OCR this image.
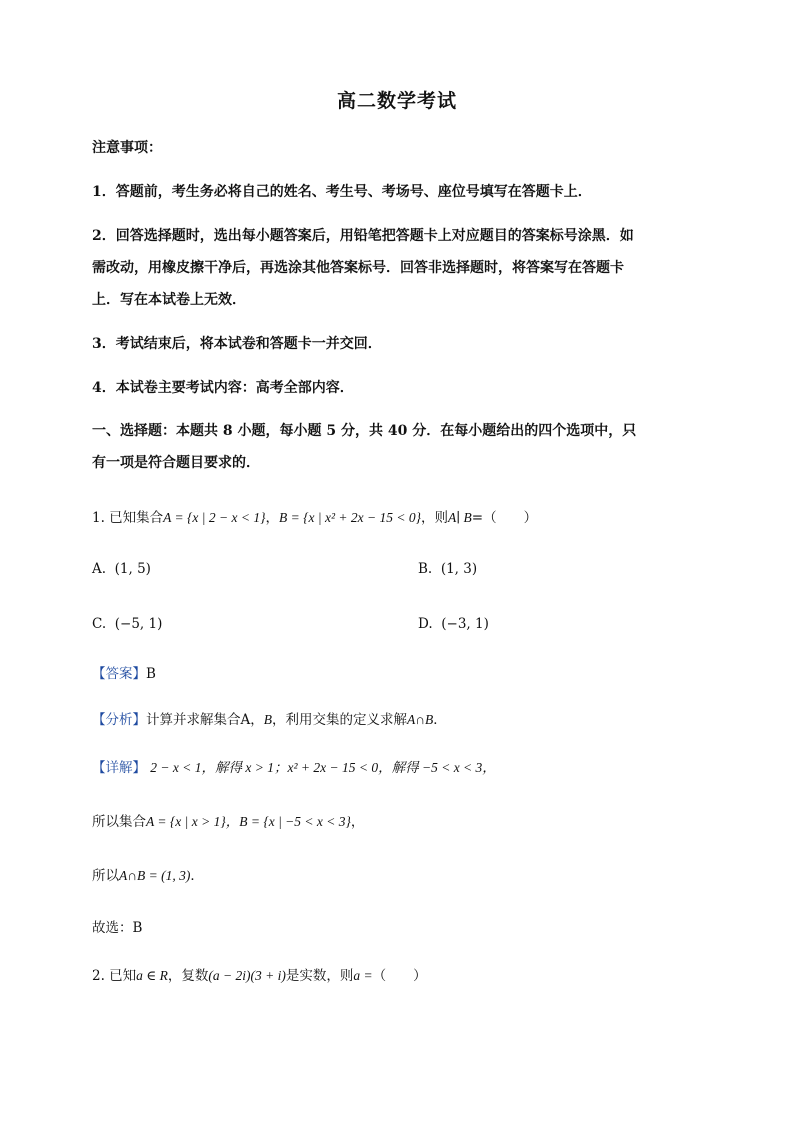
高二数学考试
注意事项：
1．答题前，考生务必将自己的姓名、考生号、考场号、座位号填写在答题卡上．
2．回答选择题时，选出每小题答案后，用铅笔把答题卡上对应题目的答案标号涂黑．如
需改动，用橡皮擦干净后，再选涂其他答案标号．回答非选择题时，将答案写在答题卡
上．写在本试卷上无效．
3．考试结束后，将本试卷和答题卡一并交回．
4．本试卷主要考试内容：高考全部内容．
一、选择题：本题共 8 小题，每小题 5 分，共 40 分．在每小题给出的四个选项中，只
有一项是符合题目要求的．
1. 已知集合A = {x | 2 − x < 1}，B = {x | x² + 2x − 15 < 0}，则A∣ B=（　　）
A. (1, 5)	B. (1, 3)
C. (−5, 1)	D. (−3, 1)
【答案】B
【分析】计算并求解集合A，B，利用交集的定义求解A∩B．
【详解】 2 − x < 1，解得 x > 1；x² + 2x − 15 < 0，解得 −5 < x < 3，
所以集合A = {x | x > 1}，B = {x | −5 < x < 3}，
所以A∩B = (1, 3)．
故选：B
2. 已知a ∈ R，复数(a − 2i)(3 + i)是实数，则a =（　　）
